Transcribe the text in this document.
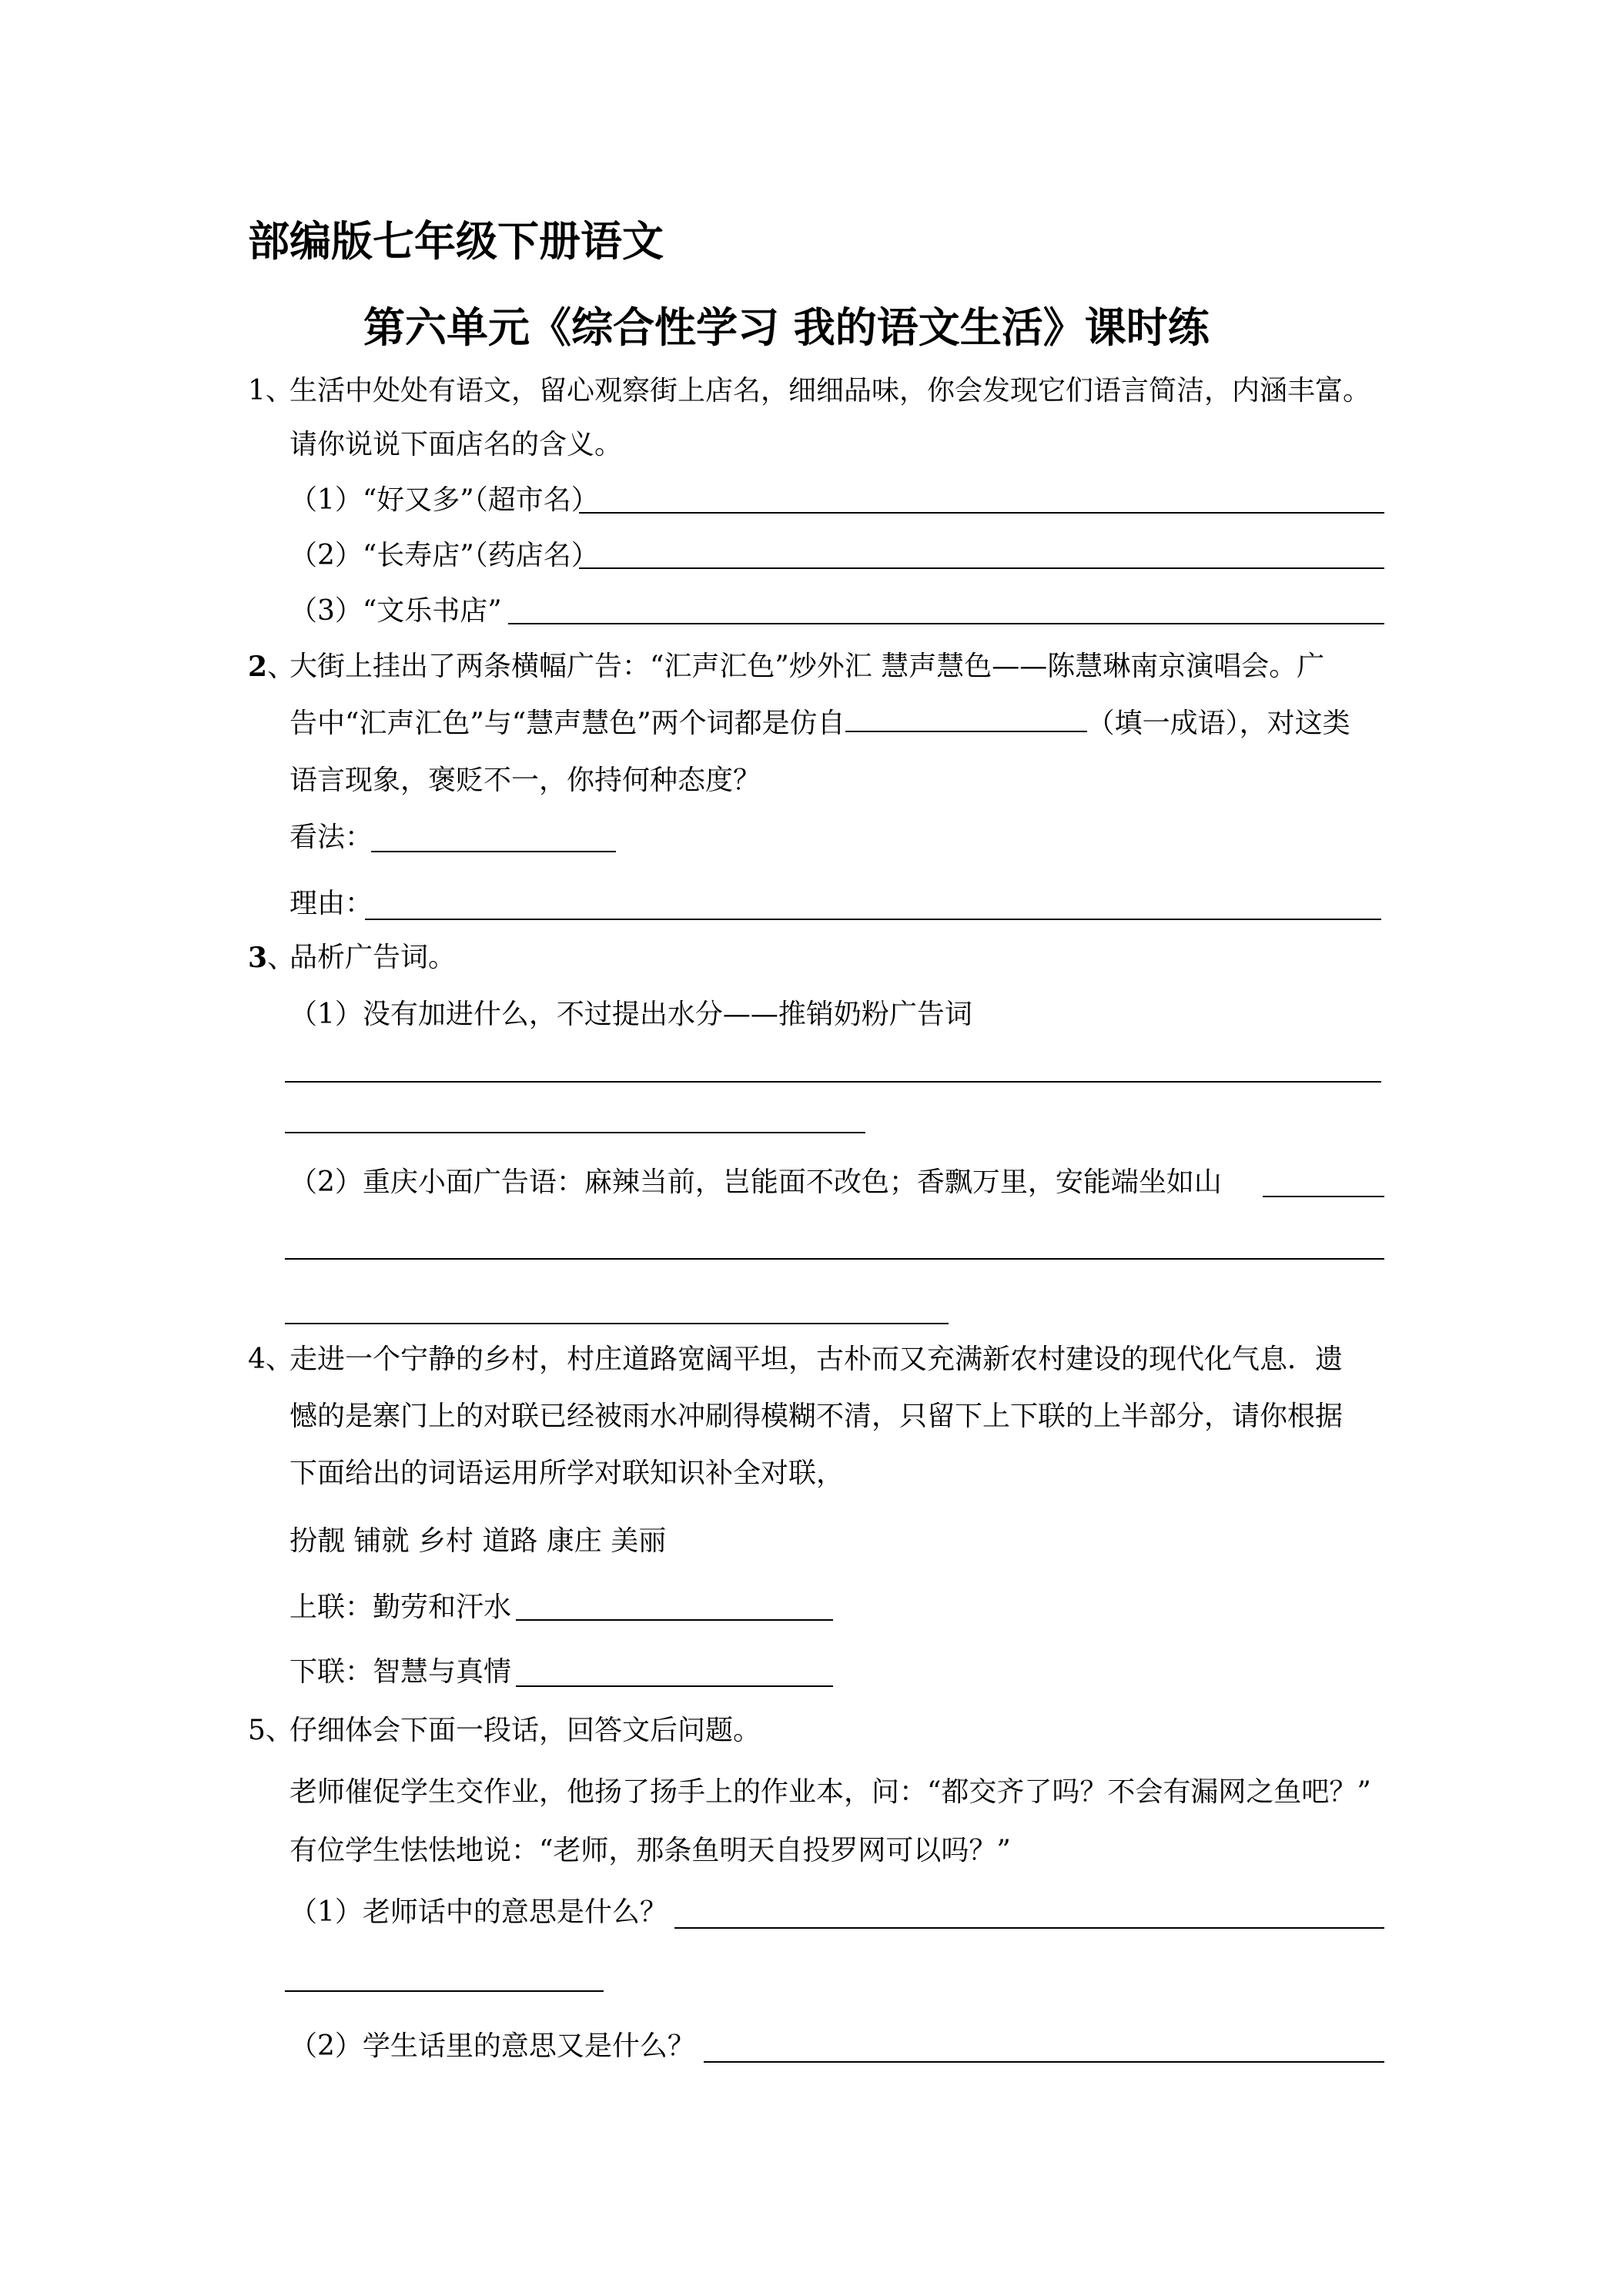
部编版七年级下册语文
第六单元《综合性学习 我的语文生活》课时练
1、
生活中处处有语文，留心观察街上店名，细细品味，你会发现它们语言简洁，内涵丰富。
请你说说下面店名的含义。
（1）“好又多”（超市名）
（2）“长寿店”（药店名）
（3）“文乐书店”
2、
大街上挂出了两条横幅广告：“汇声汇色”炒外汇 慧声慧色——陈慧琳南京演唱会。广
告中“汇声汇色”与“慧声慧色”两个词都是仿自	（填一成语），对这类
语言现象，褒贬不一，你持何种态度？
看法：
理由：
3、
品析广告词。
（1）没有加进什么，不过提出水分——推销奶粉广告词
（2）重庆小面广告语：麻辣当前，岂能面不改色；香飘万里，安能端坐如山
4、
走进一个宁静的乡村，村庄道路宽阔平坦，古朴而又充满新农村建设的现代化气息．遗
憾的是寨门上的对联已经被雨水冲刷得模糊不清，只留下上下联的上半部分，请你根据
下面给出的词语运用所学对联知识补全对联，
扮靓 铺就 乡村 道路 康庄 美丽
上联：勤劳和汗水
下联：智慧与真情
5、
仔细体会下面一段话，回答文后问题。
老师催促学生交作业，他扬了扬手上的作业本，问：“都交齐了吗？不会有漏网之鱼吧？”
有位学生怯怯地说：“老师，那条鱼明天自投罗网可以吗？”
（1）老师话中的意思是什么？
（2）学生话里的意思又是什么？
